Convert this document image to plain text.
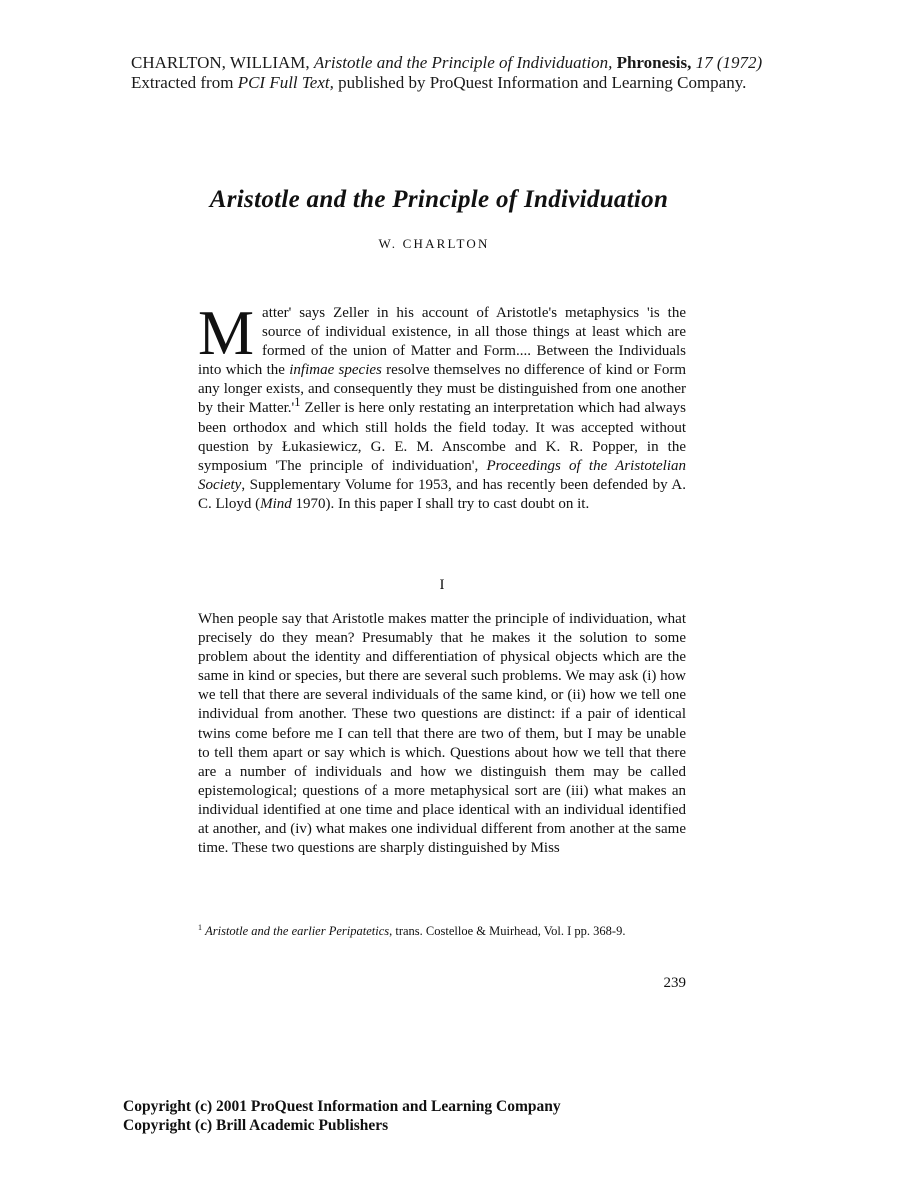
CHARLTON, WILLIAM, Aristotle and the Principle of Individuation, Phronesis, 17 (1972)
Extracted from PCI Full Text, published by ProQuest Information and Learning Company.
Aristotle and the Principle of Individuation
W. CHARLTON
Matter' says Zeller in his account of Aristotle's metaphysics 'is the source of individual existence, in all those things at least which are formed of the union of Matter and Form.... Between the Individuals into which the infimae species resolve themselves no difference of kind or Form any longer exists, and consequently they must be distinguished from one another by their $Matter.'^1$ Zeller is here only restating an interpretation which had always been orthodox and which still holds the field today. It was accepted without question by Łukasiewicz, G. E. M. Anscombe and K. R. Popper, in the symposium 'The principle of individuation', Proceedings of the Aristotelian Society, Supplementary Volume for 1953, and has recently been defended by A. C. Lloyd (Mind 1970). In this paper I shall try to cast doubt on it.
I
When people say that Aristotle makes matter the principle of individuation, what precisely do they mean? Presumably that he makes it the solution to some problem about the identity and differentiation of physical objects which are the same in kind or species, but there are several such problems. We may ask (i) how we tell that there are several individuals of the same kind, or (ii) how we tell one individual from another. These two questions are distinct: if a pair of identical twins come before me I can tell that there are two of them, but I may be unable to tell them apart or say which is which. Questions about how we tell that there are a number of individuals and how we distinguish them may be called epistemological; questions of a more metaphysical sort are (iii) what makes an individual identified at one time and place identical with an individual identified at another, and (iv) what makes one individual different from another at the same time. These two questions are sharply distinguished by Miss
$^1$ Aristotle and the earlier Peripatetics, trans. Costelloe & Muirhead, Vol. I pp. 368-9.
239
Copyright (c) 2001 ProQuest Information and Learning Company
Copyright (c) Brill Academic Publishers
